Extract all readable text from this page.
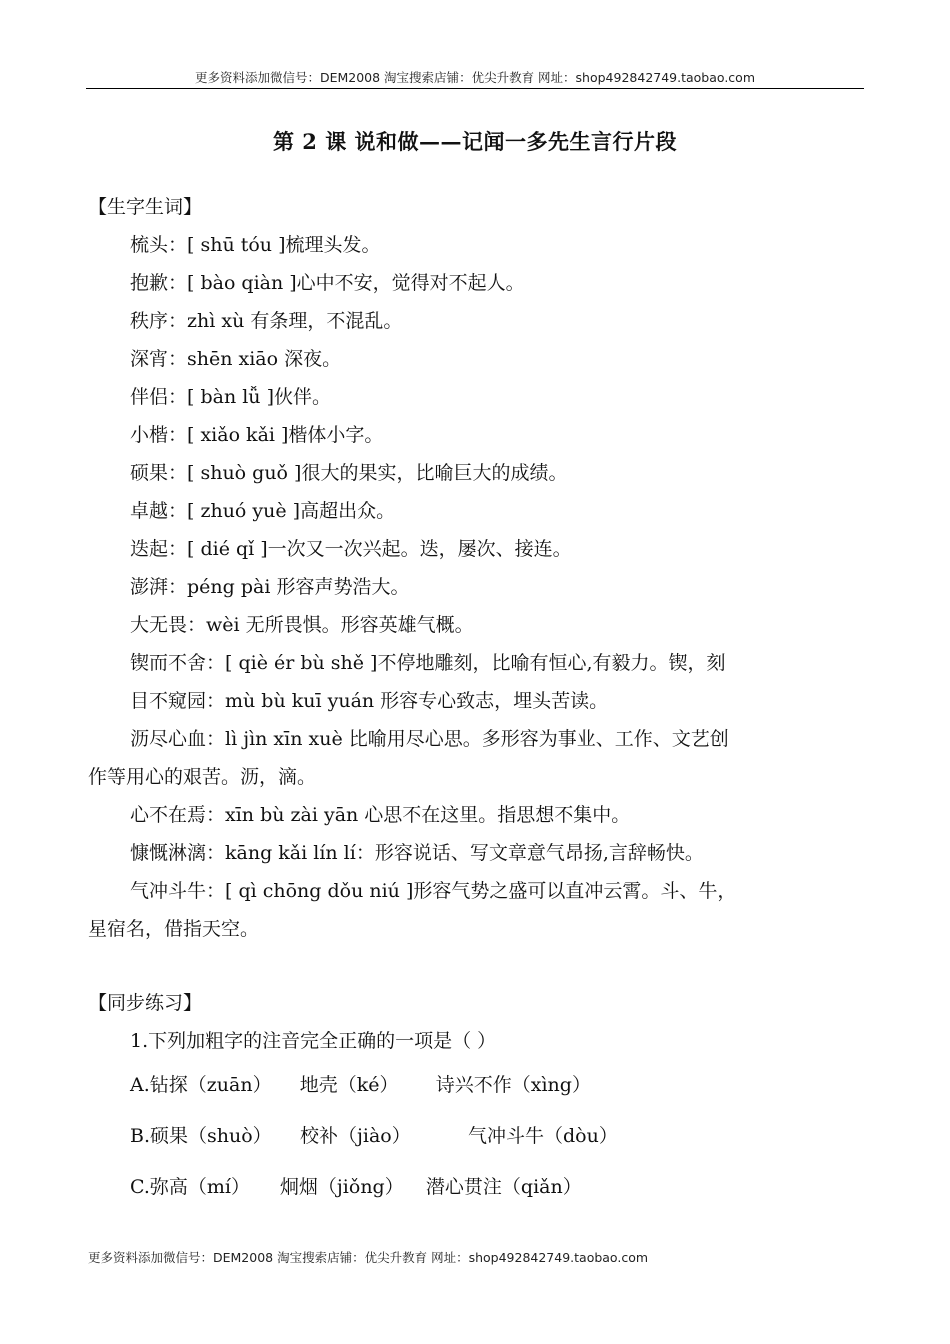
更多资料添加微信号：DEM2008 淘宝搜索店铺：优尖升教育 网址：shop492842749.taobao.com
第 2 课 说和做——记闻一多先生言行片段
【生字生词】
梳头：[ shū tóu ]梳理头发。
抱歉：[ bào qiàn ]心中不安，觉得对不起人。
秩序：zhì xù 有条理，不混乱。
深宵：shēn xiāo 深夜。
伴侣：[ bàn lǚ ]伙伴。
小楷：[ xiǎo kǎi ]楷体小字。
硕果：[ shuò guǒ ]很大的果实，比喻巨大的成绩。
卓越：[ zhuó yuè ]高超出众。
迭起：[ dié qǐ ]一次又一次兴起。迭，屡次、接连。
澎湃：péng pài 形容声势浩大。
大无畏：wèi 无所畏惧。形容英雄气概。
锲而不舍：[ qiè ér bù shě ]不停地雕刻，比喻有恒心,有毅力。锲，刻
目不窥园：mù bù kuī yuán 形容专心致志，埋头苦读。
沥尽心血：lì jìn xīn xuè 比喻用尽心思。多形容为事业、工作、文艺创
作等用心的艰苦。沥，滴。
心不在焉：xīn bù zài yān 心思不在这里。指思想不集中。
慷慨淋漓：kāng kǎi lín lí：形容说话、写文章意气昂扬,言辞畅快。
气冲斗牛：[ qì chōng dǒu niú ]形容气势之盛可以直冲云霄。斗、牛，
星宿名，借指天空。
【同步练习】
1.下列加粗字的注音完全正确的一项是（ ）
A.钻探（zuān） 地壳（ké） 诗兴不作（xìng）
B.硕果（shuò） 校补（jiào）	气冲斗牛（dòu）
C.弥高（mí） 炯烟（jiǒng） 潜心贯注（qiǎn）
更多资料添加微信号：DEM2008 淘宝搜索店铺：优尖升教育 网址：shop492842749.taobao.com
